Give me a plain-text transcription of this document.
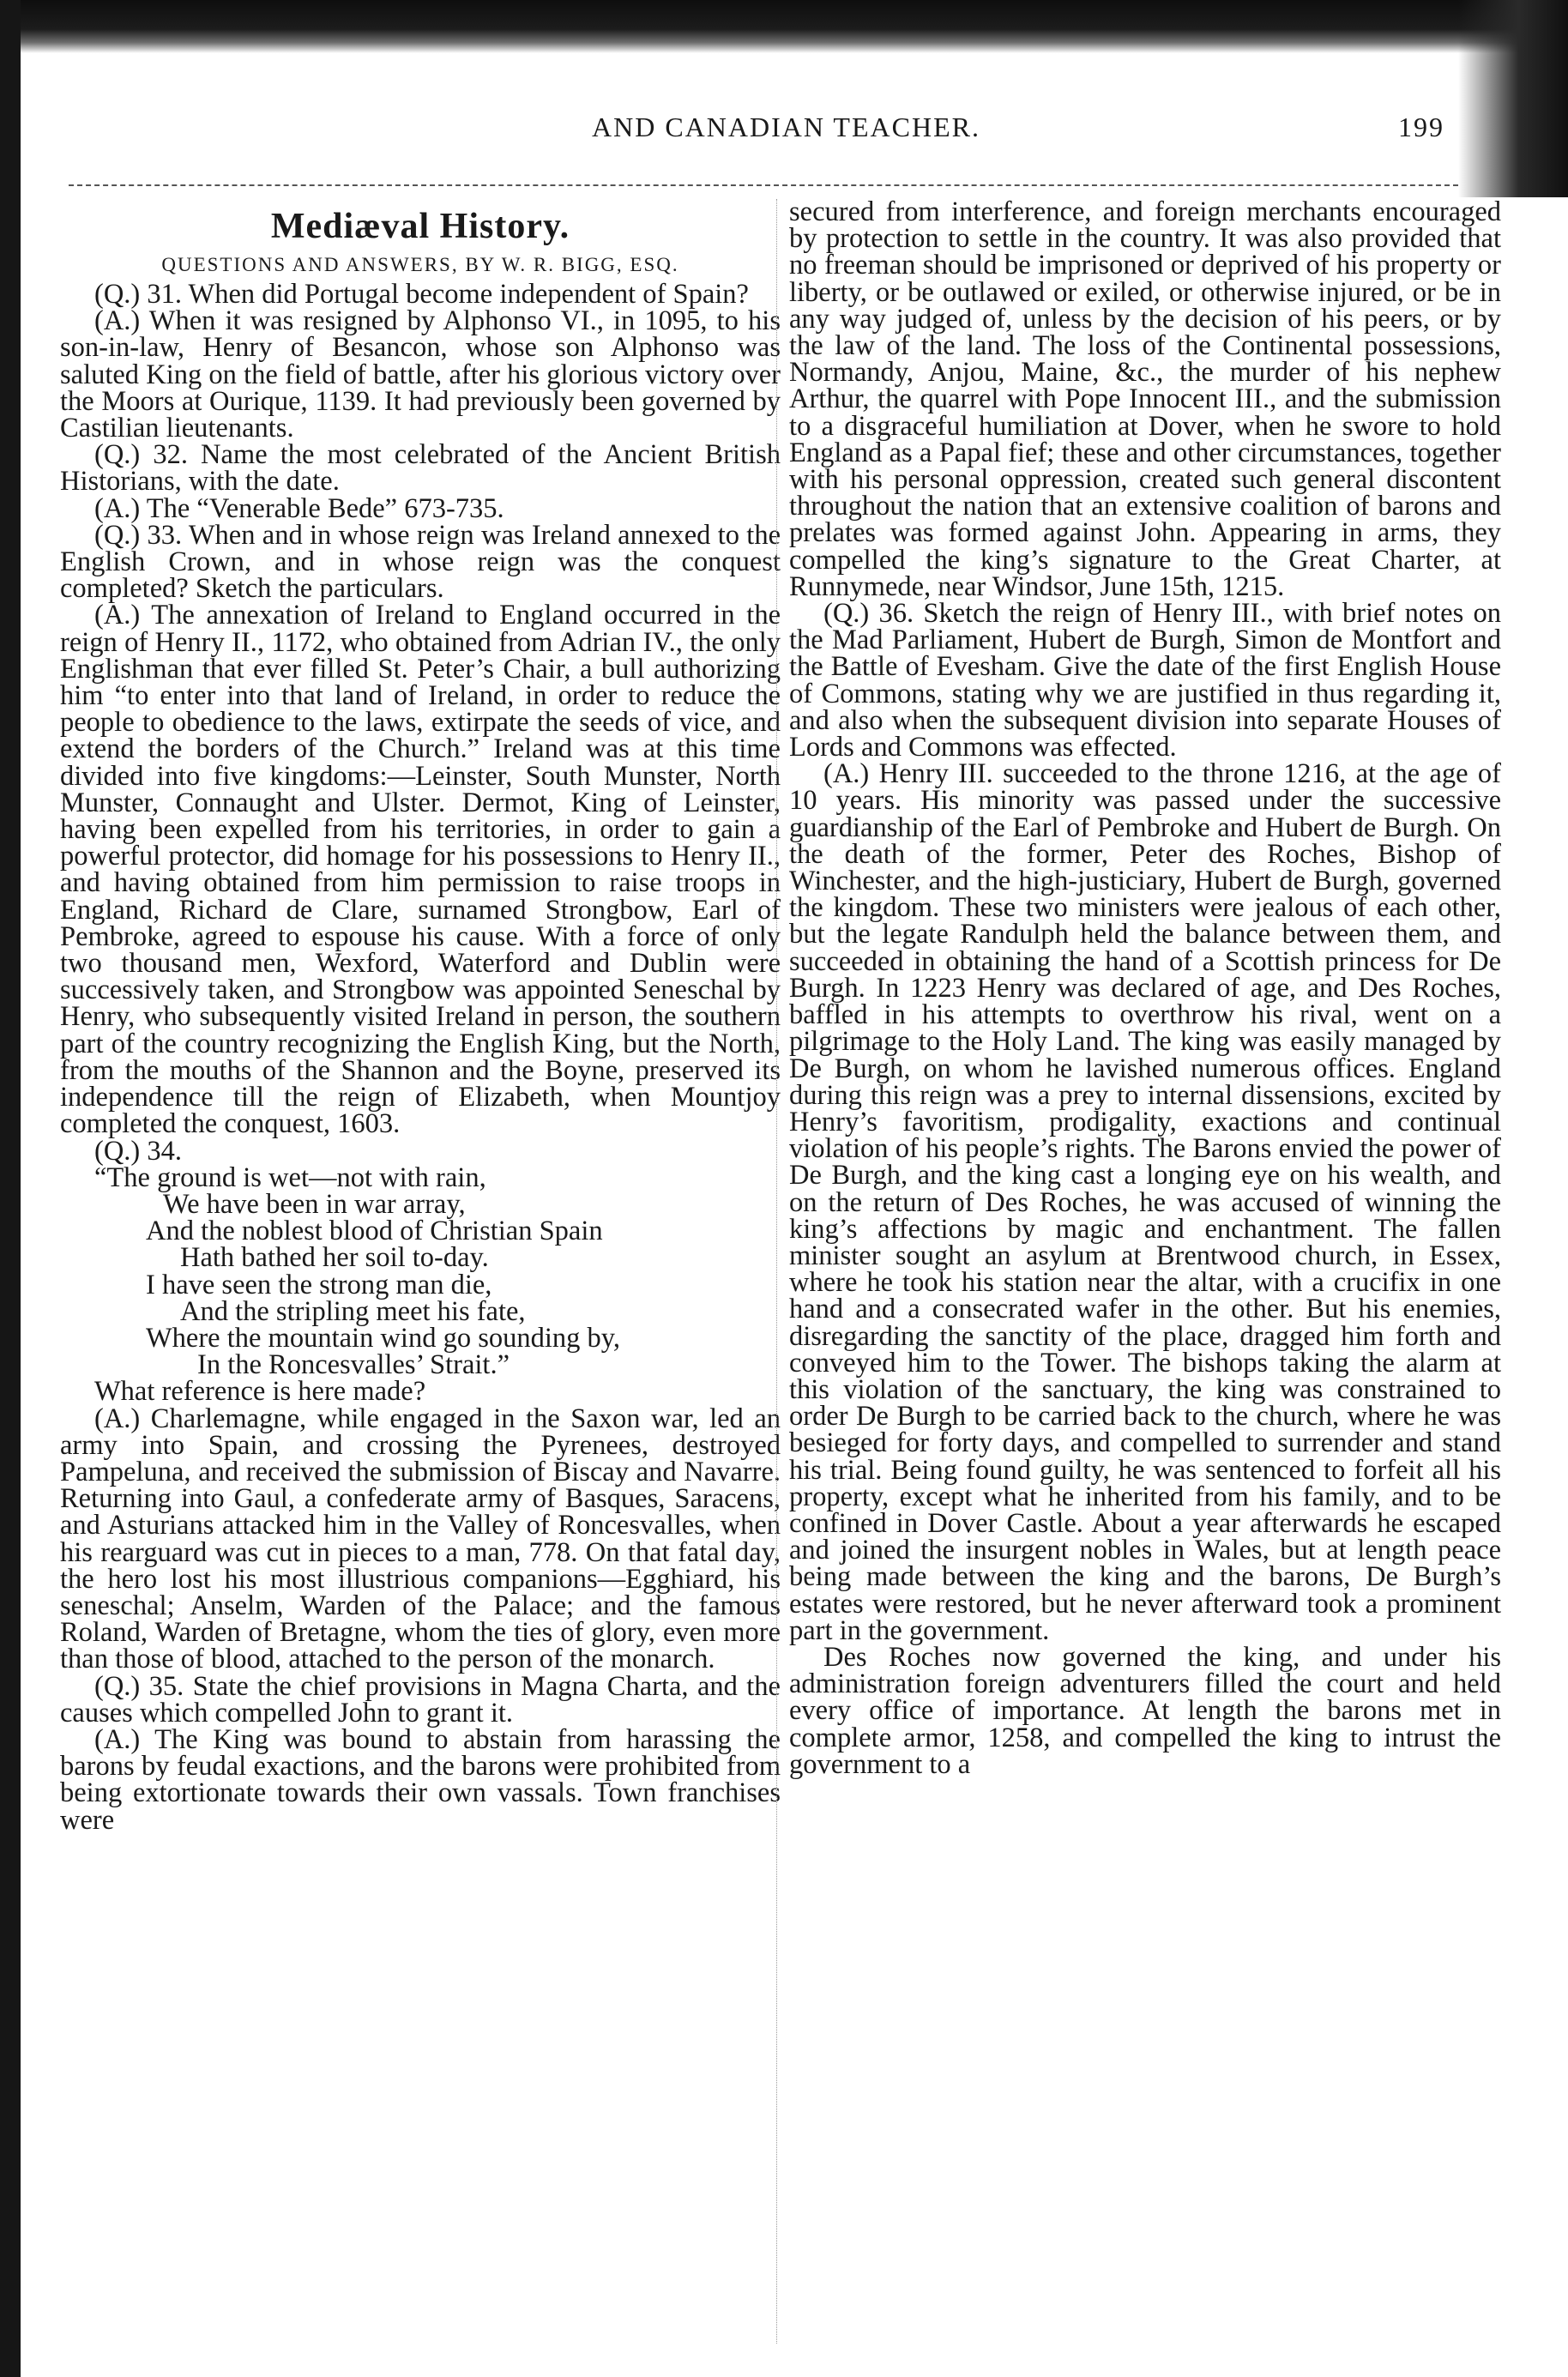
AND CANADIAN TEACHER.	199
Mediæval History.
QUESTIONS AND ANSWERS, BY W. R. BIGG, ESQ.

(Q.) 31. When did Portugal become independent of Spain?

(A.) When it was resigned by Alphonso VI., in 1095, to his son-in-law, Henry of Besancon, whose son Alphonso was saluted King on the field of battle, after his glorious victory over the Moors at Ourique, 1139. It had previously been governed by Castilian lieutenants.

(Q.) 32. Name the most celebrated of the Ancient British Historians, with the date.

(A.) The “Venerable Bede” 673-735.

(Q.) 33. When and in whose reign was Ireland annexed to the English Crown, and in whose reign was the conquest completed? Sketch the particulars.

(A.) The annexation of Ireland to England occurred in the reign of Henry II., 1172, who obtained from Adrian IV., the only Englishman that ever filled St. Peter’s Chair, a bull authorizing him “to enter into that land of Ireland, in order to reduce the people to obedience to the laws, extirpate the seeds of vice, and extend the borders of the Church.” Ireland was at this time divided into five kingdoms:—Leinster, South Munster, North Munster, Connaught and Ulster. Dermot, King of Leinster, having been expelled from his territories, in order to gain a powerful protector, did homage for his possessions to Henry II., and having obtained from him permission to raise troops in England, Richard de Clare, surnamed Strongbow, Earl of Pembroke, agreed to espouse his cause. With a force of only two thousand men, Wexford, Waterford and Dublin were successively taken, and Strongbow was appointed Seneschal by Henry, who subsequently visited Ireland in person, the southern part of the country recognizing the English King, but the North, from the mouths of the Shannon and the Boyne, preserved its independence till the reign of Elizabeth, when Mountjoy completed the conquest, 1603.

(Q.) 34.

“The ground is wet—not with rain,

We have been in war array,

And the noblest blood of Christian Spain

Hath bathed her soil to-day.

I have seen the strong man die,

And the stripling meet his fate,

Where the mountain wind go sounding by,

In the Roncesvalles’ Strait.”

What reference is here made?

(A.) Charlemagne, while engaged in the Saxon war, led an army into Spain, and crossing the Pyrenees, destroyed Pampeluna, and received the submission of Biscay and Navarre. Returning into Gaul, a confederate army of Basques, Saracens, and Asturians attacked him in the Valley of Roncesvalles, when his rearguard was cut in pieces to a man, 778. On that fatal day, the hero lost his most illustrious companions—Egghiard, his seneschal; Anselm, Warden of the Palace; and the famous Roland, Warden of Bretagne, whom the ties of glory, even more than those of blood, attached to the person of the monarch.

(Q.) 35. State the chief provisions in Magna Charta, and the causes which compelled John to grant it.

(A.) The King was bound to abstain from harassing the barons by feudal exactions, and the barons were prohibited from being extortionate towards their own vassals. Town franchises were

secured from interference, and foreign merchants encouraged by protection to settle in the country. It was also provided that no freeman should be imprisoned or deprived of his property or liberty, or be outlawed or exiled, or otherwise injured, or be in any way judged of, unless by the decision of his peers, or by the law of the land. The loss of the Continental possessions, Normandy, Anjou, Maine, &c., the murder of his nephew Arthur, the quarrel with Pope Innocent III., and the submission to a disgraceful humiliation at Dover, when he swore to hold England as a Papal fief; these and other circumstances, together with his personal oppression, created such general discontent throughout the nation that an extensive coalition of barons and prelates was formed against John. Appearing in arms, they compelled the king’s signature to the Great Charter, at Runnymede, near Windsor, June 15th, 1215.

(Q.) 36. Sketch the reign of Henry III., with brief notes on the Mad Parliament, Hubert de Burgh, Simon de Montfort and the Battle of Evesham. Give the date of the first English House of Commons, stating why we are justified in thus regarding it, and also when the subsequent division into separate Houses of Lords and Commons was effected.

(A.) Henry III. succeeded to the throne 1216, at the age of 10 years. His minority was passed under the successive guardianship of the Earl of Pembroke and Hubert de Burgh. On the death of the former, Peter des Roches, Bishop of Winchester, and the high-justiciary, Hubert de Burgh, governed the kingdom. These two ministers were jealous of each other, but the legate Randulph held the balance between them, and succeeded in obtaining the hand of a Scottish princess for De Burgh. In 1223 Henry was declared of age, and Des Roches, baffled in his attempts to overthrow his rival, went on a pilgrimage to the Holy Land. The king was easily managed by De Burgh, on whom he lavished numerous offices. England during this reign was a prey to internal dissensions, excited by Henry’s favoritism, prodigality, exactions and continual violation of his people’s rights. The Barons envied the power of De Burgh, and the king cast a longing eye on his wealth, and on the return of Des Roches, he was accused of winning the king’s affections by magic and enchantment. The fallen minister sought an asylum at Brentwood church, in Essex, where he took his station near the altar, with a crucifix in one hand and a consecrated wafer in the other. But his enemies, disregarding the sanctity of the place, dragged him forth and conveyed him to the Tower. The bishops taking the alarm at this violation of the sanctuary, the king was constrained to order De Burgh to be carried back to the church, where he was besieged for forty days, and compelled to surrender and stand his trial. Being found guilty, he was sentenced to forfeit all his property, except what he inherited from his family, and to be confined in Dover Castle. About a year afterwards he escaped and joined the insurgent nobles in Wales, but at length peace being made between the king and the barons, De Burgh’s estates were restored, but he never afterward took a prominent part in the government.

Des Roches now governed the king, and under his administration foreign adventurers filled the court and held every office of importance. At length the barons met in complete armor, 1258, and compelled the king to intrust the government to a
